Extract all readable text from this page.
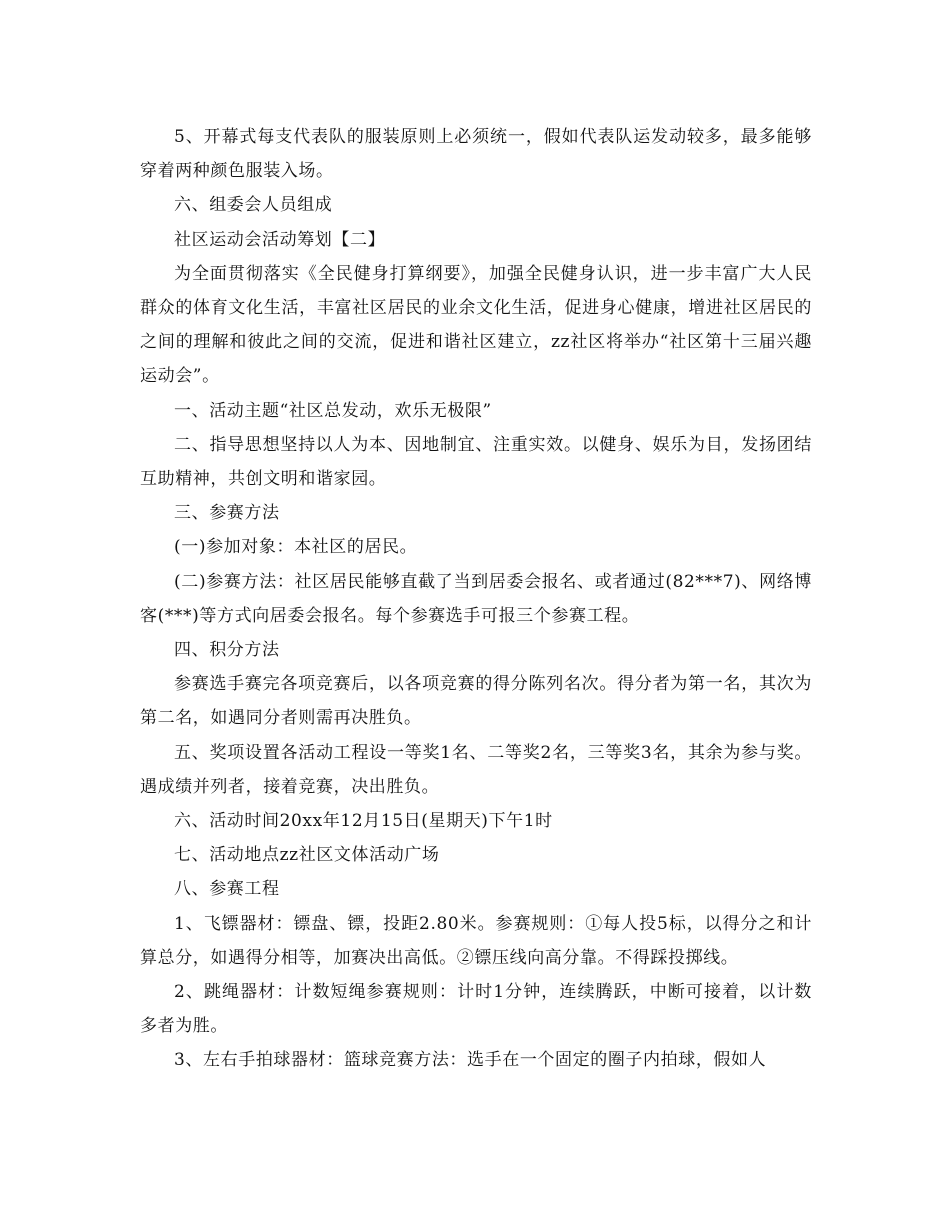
5、开幕式每支代表队的服装原则上必须统一，假如代表队运发动较多，最多能够穿着两种颜色服装入场。

六、组委会人员组成

社区运动会活动筹划【二】

为全面贯彻落实《全民健身打算纲要》，加强全民健身认识，进一步丰富广大人民群众的体育文化生活，丰富社区居民的业余文化生活，促进身心健康，增进社区居民的之间的理解和彼此之间的交流，促进和谐社区建立，zz社区将举办“社区第十三届兴趣运动会”。

一、活动主题“社区总发动，欢乐无极限”

二、指导思想坚持以人为本、因地制宜、注重实效。以健身、娱乐为目，发扬团结互助精神，共创文明和谐家园。

三、参赛方法

(一)参加对象：本社区的居民。

(二)参赛方法：社区居民能够直截了当到居委会报名、或者通过(82***7)、网络博客(***)等方式向居委会报名。每个参赛选手可报三个参赛工程。

四、积分方法

参赛选手赛完各项竞赛后，以各项竞赛的得分陈列名次。得分者为第一名，其次为第二名，如遇同分者则需再决胜负。

五、奖项设置各活动工程设一等奖1名、二等奖2名，三等奖3名，其余为参与奖。遇成绩并列者，接着竞赛，决出胜负。

六、活动时间20xx年12月15日(星期天)下午1时

七、活动地点zz社区文体活动广场

八、参赛工程

1、飞镖器材：镖盘、镖，投距2.80米。参赛规则：①每人投5标，以得分之和计算总分，如遇得分相等，加赛决出高低。②镖压线向高分靠。不得踩投掷线。

2、跳绳器材：计数短绳参赛规则：计时1分钟，连续腾跃，中断可接着，以计数多者为胜。

3、左右手拍球器材：篮球竞赛方法：选手在一个固定的圈子内拍球，假如人
